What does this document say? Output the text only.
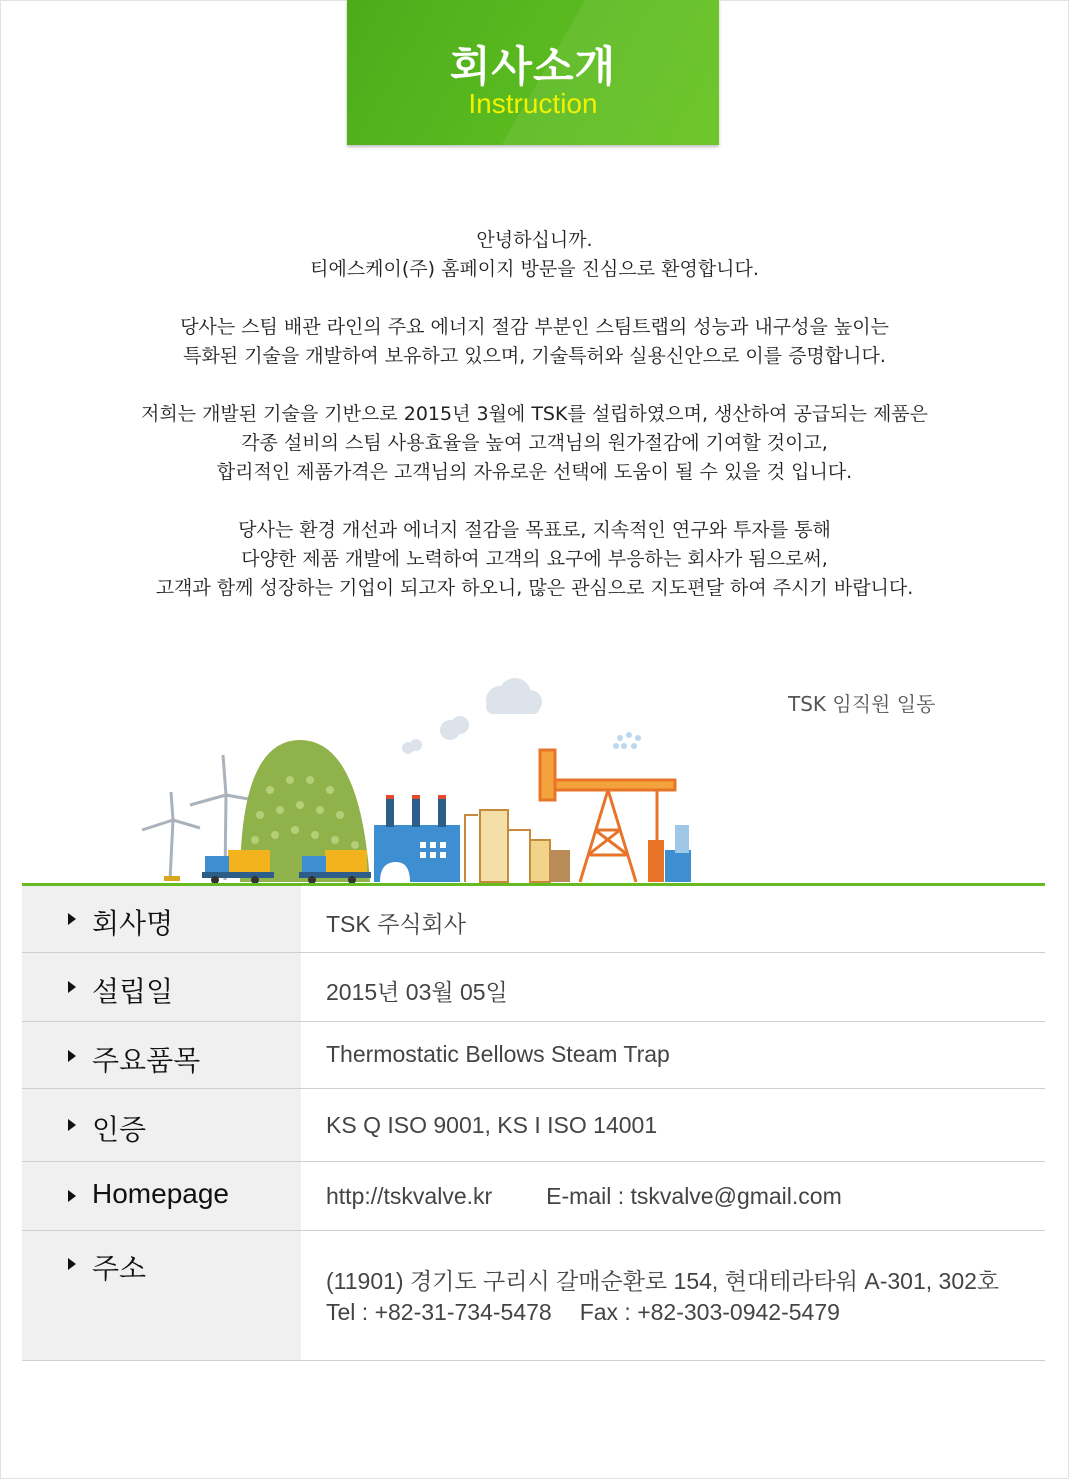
회사소개
Instruction

안녕하십니까.
티에스케이(주) 홈페이지 방문을 진심으로 환영합니다.

당사는 스팀 배관 라인의 주요 에너지 절감 부분인 스팀트랩의 성능과 내구성을 높이는
특화된 기술을 개발하여 보유하고 있으며, 기술특허와 실용신안으로 이를 증명합니다.

저희는 개발된 기술을 기반으로 2015년 3월에 TSK를 설립하였으며, 생산하여 공급되는 제품은
각종 설비의 스팀 사용효율을 높여 고객님의 원가절감에 기여할 것이고,
합리적인 제품가격은 고객님의 자유로운 선택에 도움이 될 수 있을 것 입니다.

당사는 환경 개선과 에너지 절감을 목표로, 지속적인 연구와 투자를 통해
다양한 제품 개발에 노력하여 고객의 요구에 부응하는 회사가 됨으로써,
고객과 함께 성장하는 기업이 되고자 하오니, 많은 관심으로 지도편달 하여 주시기 바랍니다.

TSK 임직원 일동
회사명	TSK 주식회사
설립일	2015년 03월 05일
주요품목	Thermostatic Bellows Steam Trap
인증	KS Q ISO 9001, KS I ISO 14001
Homepage	http://tskvalve.kr E-mail : tskvalve@gmail.com
주소	(11901) 경기도 구리시 갈매순환로 154, 현대테라타워 A-301, 302호
Tel : +82-31-734-5478 Fax : +82-303-0942-5479
